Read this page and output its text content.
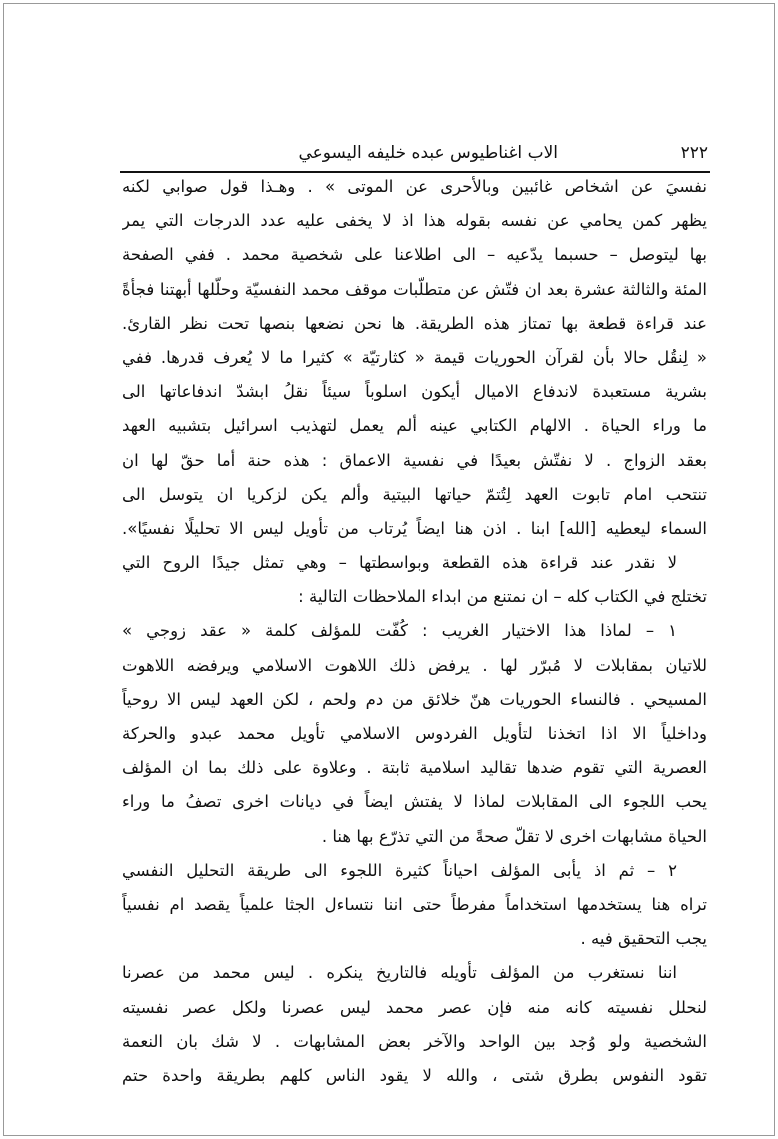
٢٢٢
الاب اغناطيوس عبده خليفه اليسوعي
نفسيَ عن اشخاص غائبين وبالأحرى عن الموتى » . وهـذا قول صوابي لكنه
يظهر كمن يحامي عن نفسه بقوله هذا اذ لا يخفى عليه عدد الدرجات التي يمر
بها ليتوصل – حسبما يدّعيه – الى اطلاعنا على شخصية محمد . ففي الصفحة
المئة والثالثة عشرة بعد ان فتّش عن متطلّبات موقف محمد النفسيّة وحلّلها أبهتنا فجأةً
عند قراءة قطعة بها تمتاز هذه الطريقة. ها نحن نضعها بنصها تحت نظر القارئ.
« لِنقُل حالا بأن لقرآن الحوريات قيمة « كثارتيّة » كثيرا ما لا يُعرف قدرها. ففي
بشرية مستعبدة لاندفاع الاميال أيكون اسلوباً سيئاً نقلُ ابشدّ اندفاعاتها الى
ما وراء الحياة . الالهام الكتابي عينه ألم يعمل لتهذيب اسرائيل بتشبيه العهد
بعقد الزواج . لا نفتّش بعيدًا في نفسية الاعماق : هذه حنة أما حقّ لها ان
تنتحب امام تابوت العهد لِتُتمّ حياتها البيتية وألم يكن لزكريا ان يتوسل الى
السماء ليعطيه [الله] ابنا . اذن هنا ايضاً يُرتاب من تأويل ليس الا تحليلًا نفسيًا».
لا نقدر عند قراءة هذه القطعة وبواسطتها – وهي تمثل جيدًا الروح التي
تختلج في الكتاب كله – ان نمتنع من ابداء الملاحظات التالية :
١ – لماذا هذا الاختيار الغريب : كُفّت للمؤلف كلمة « عقد زوجي »
للاتيان بمقابلات لا مُبرّر لها . يرفض ذلك اللاهوت الاسلامي ويرفضه اللاهوت
المسيحي . فالنساء الحوريات هنّ خلائق من دم ولحم ، لكن العهد ليس الا روحياً
وداخلياً الا اذا اتخذنا لتأويل الفردوس الاسلامي تأويل محمد عبدو والحركة
العصرية التي تقوم ضدها تقاليد اسلامية ثابتة . وعلاوة على ذلك بما ان المؤلف
يحب اللجوء الى المقابلات لماذا لا يفتش ايضاً في ديانات اخرى تصفُ ما وراء
الحياة مشابهات اخرى لا تقلّ صحةً من التي تذرّع بها هنا .
٢ – ثم اذ يأبى المؤلف احياناً كثيرة اللجوء الى طريقة التحليل النفسي
تراه هنا يستخدمها استخداماً مفرطاً حتى اننا نتساءل الجثا علمياً يقصد ام نفسياً
يجب التحقيق فيه .
اننا نستغرب من المؤلف تأويله فالتاريخ ينكره . ليس محمد من عصرنا
لنحلل نفسيته كانه منه فإن عصر محمد ليس عصرنا ولكل عصر نفسيته
الشخصية ولو وُجد بين الواحد والآخر بعض المشابهات . لا شك بان النعمة
تقود النفوس بطرق شتى ، والله لا يقود الناس كلهم بطريقة واحدة حتم
